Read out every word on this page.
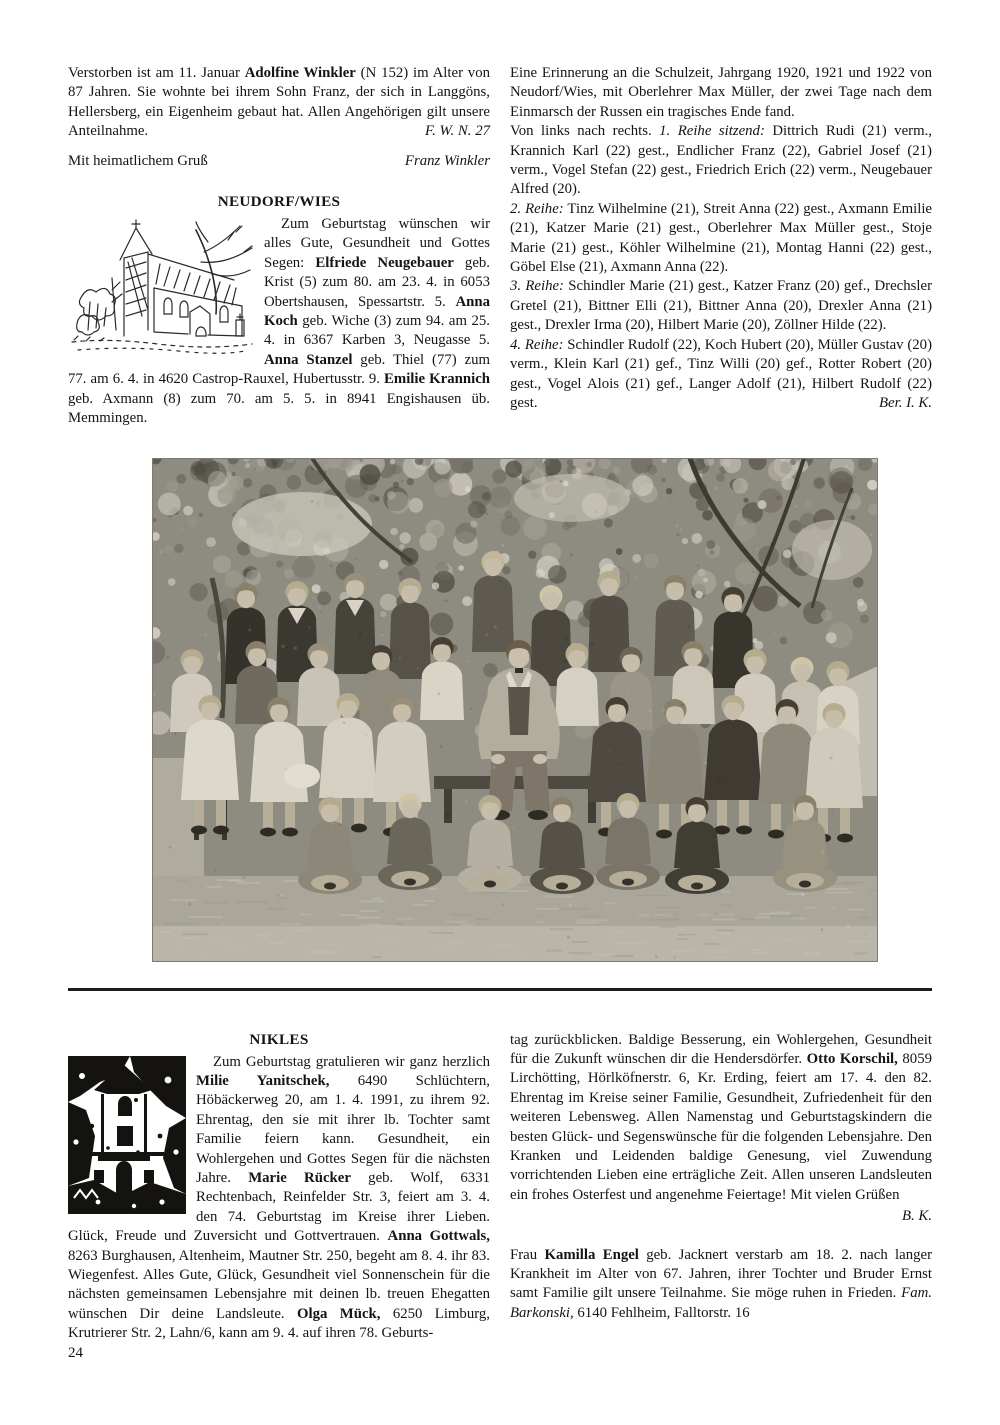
Verstorben ist am 11. Januar Adolfine Winkler (N 152) im Alter von 87 Jahren. Sie wohnte bei ihrem Sohn Franz, der sich in Langgöns, Hellersberg, ein Eigenheim gebaut hat. Allen Angehörigen gilt unsere Anteilnahme.	F. W. N. 27

Mit heimatlichem Gruß	Franz Winkler
NEUDORF/WIES

Zum Geburtstag wünschen wir alles Gute, Gesundheit und Gottes Segen: Elfriede Neugebauer geb. Krist (5) zum 80. am 23. 4. in 6053 Obertshausen, Spessartstr. 5. Anna Koch geb. Wiche (3) zum 94. am 25. 4. in 6367 Karben 3, Neugasse 5. Anna Stanzel geb. Thiel (77) zum 77. am 6. 4. in 4620 Castrop-Rauxel, Hubertusstr. 9. Emilie Krannich geb. Axmann (8) zum 70. am 5. 5. in 8941 Engishausen üb. Memmingen.

Eine Erinnerung an die Schulzeit, Jahrgang 1920, 1921 und 1922 von Neudorf/Wies, mit Oberlehrer Max Müller, der zwei Tage nach dem Einmarsch der Russen ein tragisches Ende fand.

Von links nach rechts. 1. Reihe sitzend: Dittrich Rudi (21) verm., Krannich Karl (22) gest., Endlicher Franz (22), Gabriel Josef (21) verm., Vogel Stefan (22) gest., Friedrich Erich (22) verm., Neugebauer Alfred (20).

2. Reihe: Tinz Wilhelmine (21), Streit Anna (22) gest., Axmann Emilie (21), Katzer Marie (21) gest., Oberlehrer Max Müller gest., Stoje Marie (21) gest., Köhler Wilhelmine (21), Montag Hanni (22) gest., Göbel Else (21), Axmann Anna (22).

3. Reihe: Schindler Marie (21) gest., Katzer Franz (20) gef., Drechsler Gretel (21), Bittner Elli (21), Bittner Anna (20), Drexler Anna (21) gest., Drexler Irma (20), Hilbert Marie (20), Zöllner Hilde (22).

4. Reihe: Schindler Rudolf (22), Koch Hubert (20), Müller Gustav (20) verm., Klein Karl (21) gef., Tinz Willi (20) gef., Rotter Robert (20) gest., Vogel Alois (21) gef., Langer Adolf (21), Hilbert Rudolf (22) gest.	Ber. I. K.

NIKLES

Zum Geburtstag gratulieren wir ganz herzlich Milie Yanitschek, 6490 Schlüchtern, Höbäckerweg 20, am 1. 4. 1991, zu ihrem 92. Ehrentag, den sie mit ihrer lb. Tochter samt Familie feiern kann. Gesundheit, ein Wohlergehen und Gottes Segen für die nächsten Jahre. Marie Rücker geb. Wolf, 6331 Rechtenbach, Reinfelder Str. 3, feiert am 3. 4. den 74. Geburtstag im Kreise ihrer Lieben. Glück, Freude und Zuversicht und Gottvertrauen. Anna Gottwals, 8263 Burghausen, Altenheim, Mautner Str. 250, begeht am 8. 4. ihr 83. Wiegenfest. Alles Gute, Glück, Gesundheit viel Sonnenschein für die nächsten gemeinsamen Lebensjahre mit deinen lb. treuen Ehegatten wünschen Dir deine Landsleute. Olga Mück, 6250 Limburg, Krutrierer Str. 2, Lahn/6, kann am 9. 4. auf ihren 78. Geburts-

tag zurückblicken. Baldige Besserung, ein Wohlergehen, Gesundheit für die Zukunft wünschen dir die Hendersdörfer. Otto Korschil, 8059 Lirchötting, Hörlköfnerstr. 6, Kr. Erding, feiert am 17. 4. den 82. Ehrentag im Kreise seiner Familie, Gesundheit, Zufriedenheit für den weiteren Lebensweg. Allen Namenstag und Geburtstagskindern die besten Glück- und Segenswünsche für die folgenden Lebensjahre. Den Kranken und Leidenden baldige Genesung, viel Zuwendung vorrichtenden Lieben eine erträgliche Zeit. Allen unseren Landsleuten ein frohes Osterfest und angenehme Feiertage! Mit vielen Grüßen

B. K.

Frau Kamilla Engel geb. Jacknert verstarb am 18. 2. nach langer Krankheit im Alter von 67. Jahren, ihrer Tochter und Bruder Ernst samt Familie gilt unsere Teilnahme. Sie möge ruhen in Frieden. Fam. Barkonski, 6140 Fehlheim, Falltorstr. 16

24
